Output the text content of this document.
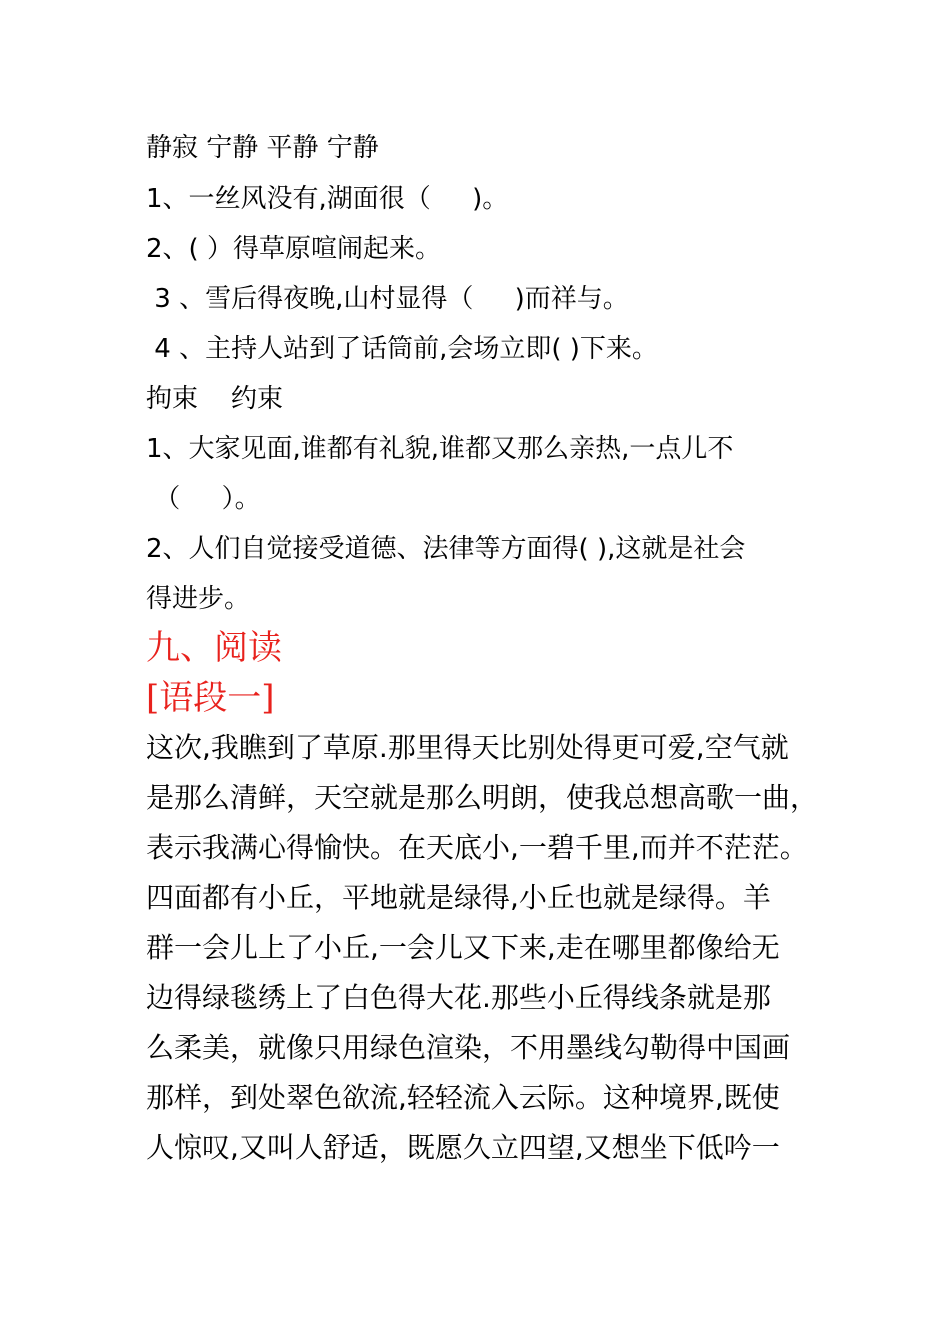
静寂 宁静 平静 宁静
1、一丝风没有,湖面很（     )。
2、( ）得草原喧闹起来。
3 、雪后得夜晚,山村显得（     )而祥与。
4 、主持人站到了话筒前,会场立即( )下来。
拘束    约束
1、大家见面,谁都有礼貌,谁都又那么亲热,一点儿不
（     ）。
2、人们自觉接受道德、法律等方面得( ),这就是社会
得进步。
九、阅读
[语段一]
这次,我瞧到了草原.那里得天比别处得更可爱,空气就
是那么清鲜，天空就是那么明朗，使我总想高歌一曲，
表示我满心得愉快。在天底小,一碧千里,而并不茫茫。
四面都有小丘，平地就是绿得,小丘也就是绿得。羊
群一会儿上了小丘,一会儿又下来,走在哪里都像给无
边得绿毯绣上了白色得大花.那些小丘得线条就是那
么柔美，就像只用绿色渲染，不用墨线勾勒得中国画
那样，到处翠色欲流,轻轻流入云际。这种境界,既使
人惊叹,又叫人舒适，既愿久立四望,又想坐下低吟一
